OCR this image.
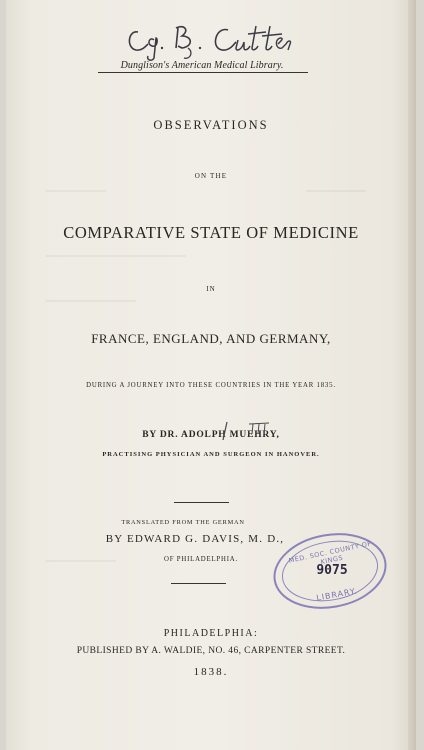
Dunglison's American Medical Library.
OBSERVATIONS
ON THE
COMPARATIVE STATE OF MEDICINE
IN
FRANCE, ENGLAND, AND GERMANY,
DURING A JOURNEY INTO THESE COUNTRIES IN THE YEAR 1835.
BY DR. ADOLPH MUEHRY,
PRACTISING PHYSICIAN AND SURGEON IN HANOVER.
TRANSLATED FROM THE GERMAN
BY EDWARD G. DAVIS, M. D.,
OF PHILADELPHIA.
PHILADELPHIA:
PUBLISHED BY A. WALDIE, NO. 46, CARPENTER STREET.
1838.
MED. SOC. COUNTY OF KINGS
9075
LIBRARY.
